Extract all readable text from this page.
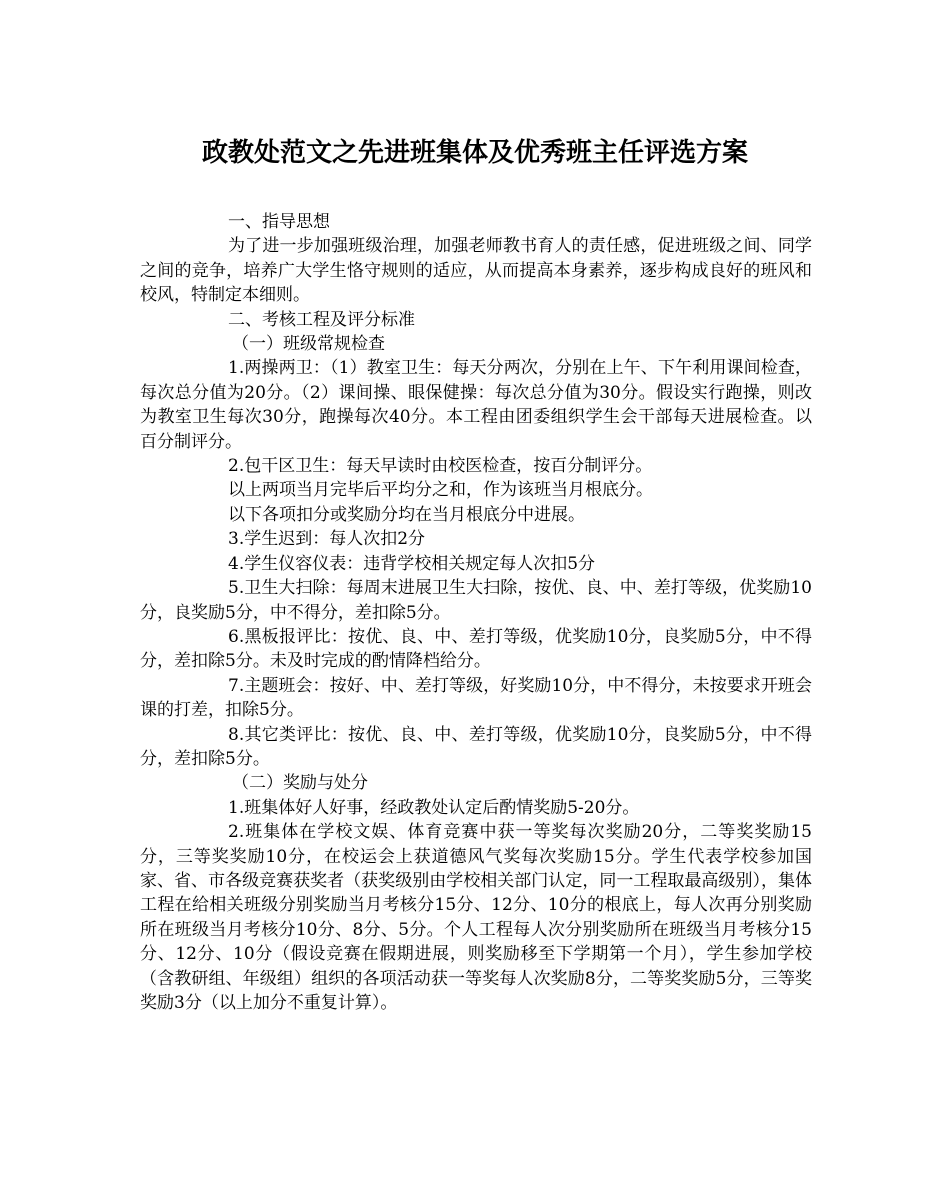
政教处范文之先进班集体及优秀班主任评选方案

一、指导思想

为了进一步加强班级治理，加强老师教书育人的责任感，促进班级之间、同学之间的竞争，培养广大学生恪守规则的适应，从而提高本身素养，逐步构成良好的班风和校风，特制定本细则。

二、考核工程及评分标准

（一）班级常规检查

1.两操两卫：（1）教室卫生：每天分两次，分别在上午、下午利用课间检查，每次总分值为20分。（2）课间操、眼保健操：每次总分值为30分。假设实行跑操，则改为教室卫生每次30分，跑操每次40分。本工程由团委组织学生会干部每天进展检查。以百分制评分。

2.包干区卫生：每天早读时由校医检查，按百分制评分。

以上两项当月完毕后平均分之和，作为该班当月根底分。

以下各项扣分或奖励分均在当月根底分中进展。

3.学生迟到：每人次扣2分

4.学生仪容仪表：违背学校相关规定每人次扣5分

5.卫生大扫除：每周末进展卫生大扫除，按优、良、中、差打等级，优奖励10分，良奖励5分，中不得分，差扣除5分。

6.黑板报评比：按优、良、中、差打等级，优奖励10分，良奖励5分，中不得分，差扣除5分。未及时完成的酌情降档给分。

7.主题班会：按好、中、差打等级，好奖励10分，中不得分，未按要求开班会课的打差，扣除5分。

8.其它类评比：按优、良、中、差打等级，优奖励10分，良奖励5分，中不得分，差扣除5分。

（二）奖励与处分

1.班集体好人好事，经政教处认定后酌情奖励5-20分。

2.班集体在学校文娱、体育竞赛中获一等奖每次奖励20分，二等奖奖励15分，三等奖奖励10分，在校运会上获道德风气奖每次奖励15分。学生代表学校参加国家、省、市各级竞赛获奖者（获奖级别由学校相关部门认定，同一工程取最高级别），集体工程在给相关班级分别奖励当月考核分15分、12分、10分的根底上，每人次再分别奖励所在班级当月考核分10分、8分、5分。个人工程每人次分别奖励所在班级当月考核分15分、12分、10分（假设竞赛在假期进展，则奖励移至下学期第一个月），学生参加学校（含教研组、年级组）组织的各项活动获一等奖每人次奖励8分，二等奖奖励5分，三等奖奖励3分（以上加分不重复计算）。
